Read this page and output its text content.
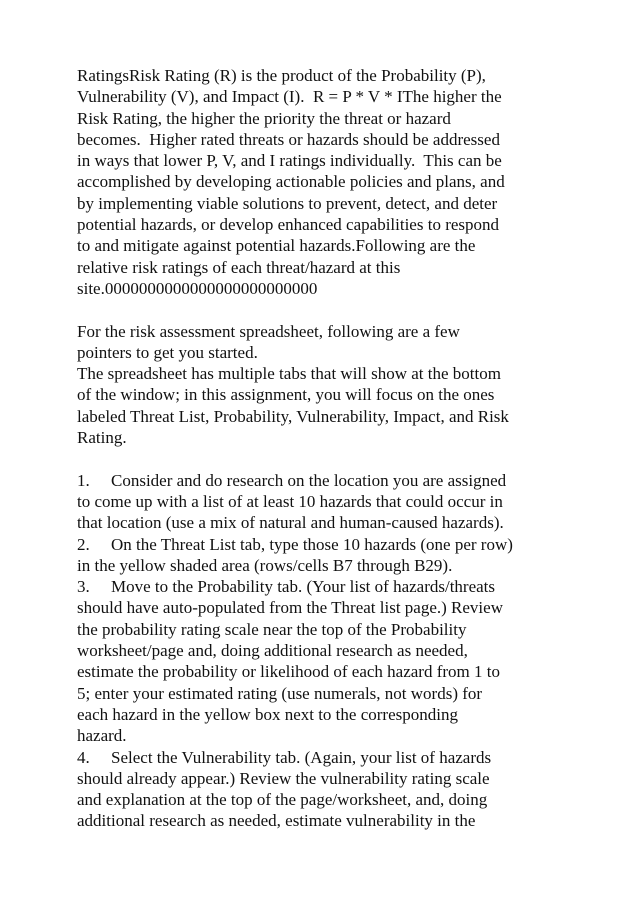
RatingsRisk Rating (R) is the product of the Probability (P),
Vulnerability (V), and Impact (I).  R = P * V * IThe higher the
Risk Rating, the higher the priority the threat or hazard
becomes.  Higher rated threats or hazards should be addressed
in ways that lower P, V, and I ratings individually.  This can be
accomplished by developing actionable policies and plans, and
by implementing viable solutions to prevent, detect, and deter
potential hazards, or develop enhanced capabilities to respond
to and mitigate against potential hazards.Following are the
relative risk ratings of each threat/hazard at this
site.0000000000000000000000000
For the risk assessment spreadsheet, following are a few
pointers to get you started.
The spreadsheet has multiple tabs that will show at the bottom
of the window; in this assignment, you will focus on the ones
labeled Threat List, Probability, Vulnerability, Impact, and Risk
Rating.
1.     Consider and do research on the location you are assigned
to come up with a list of at least 10 hazards that could occur in
that location (use a mix of natural and human-caused hazards).
2.     On the Threat List tab, type those 10 hazards (one per row)
in the yellow shaded area (rows/cells B7 through B29).
3.     Move to the Probability tab. (Your list of hazards/threats
should have auto-populated from the Threat list page.) Review
the probability rating scale near the top of the Probability
worksheet/page and, doing additional research as needed,
estimate the probability or likelihood of each hazard from 1 to
5; enter your estimated rating (use numerals, not words) for
each hazard in the yellow box next to the corresponding
hazard.
4.     Select the Vulnerability tab. (Again, your list of hazards
should already appear.) Review the vulnerability rating scale
and explanation at the top of the page/worksheet, and, doing
additional research as needed, estimate vulnerability in the
